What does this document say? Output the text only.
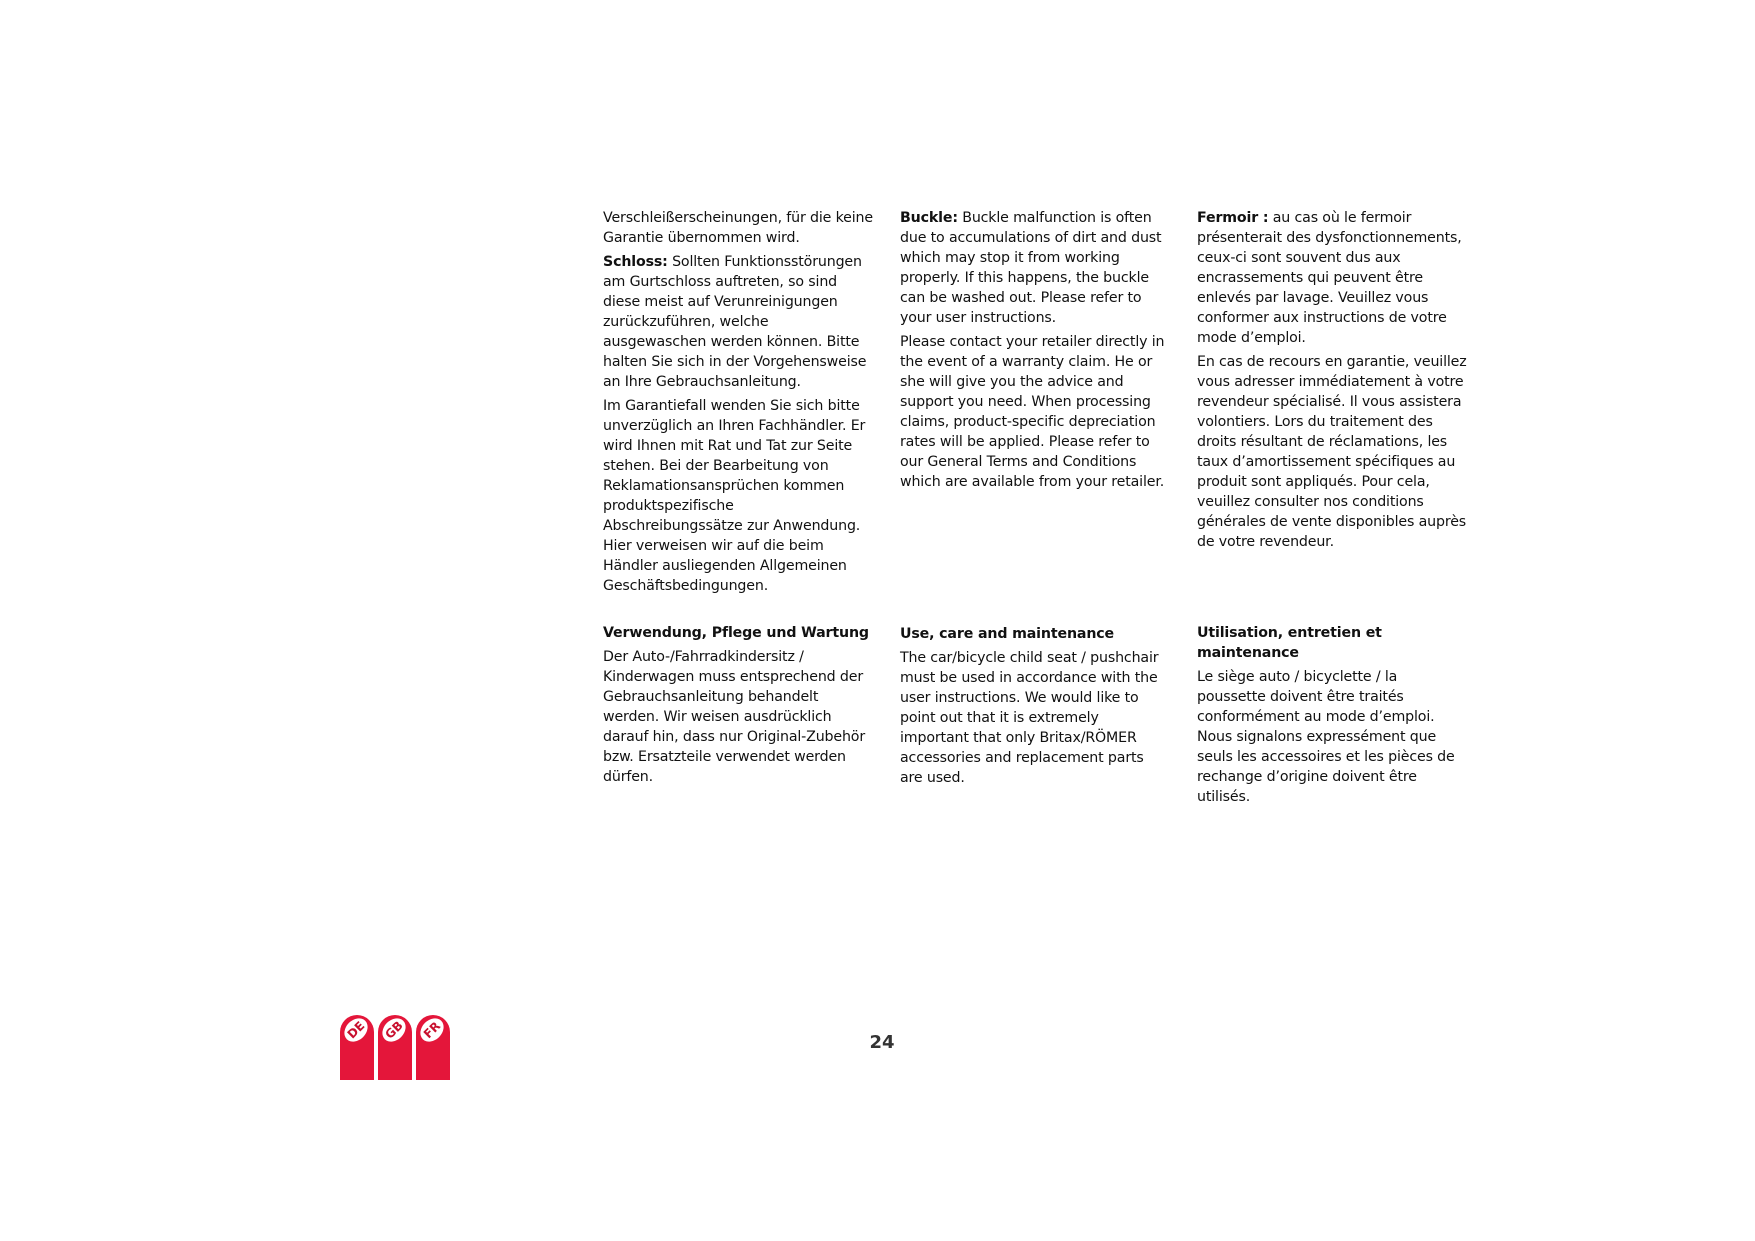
Verschleißerscheinungen, für die keine Garantie übernommen wird.

Schloss: Sollten Funktionsstörungen am Gurtschloss auftreten, so sind diese meist auf Verunreinigungen zurückzuführen, welche ausgewaschen werden können. Bitte halten Sie sich in der Vorgehensweise an Ihre Gebrauchsanleitung.

Im Garantiefall wenden Sie sich bitte unverzüglich an Ihren Fachhändler. Er wird Ihnen mit Rat und Tat zur Seite stehen. Bei der Bearbeitung von Reklamationsansprüchen kommen produktspezifische Abschreibungssätze zur Anwendung. Hier verweisen wir auf die beim Händler ausliegenden Allgemeinen Geschäftsbedingungen.

Buckle: Buckle malfunction is often due to accumulations of dirt and dust which may stop it from working properly. If this happens, the buckle can be washed out. Please refer to your user instructions.

Please contact your retailer directly in the event of a warranty claim. He or she will give you the advice and support you need. When processing claims, product-specific depreciation rates will be applied. Please refer to our General Terms and Conditions which are available from your retailer.

Fermoir : au cas où le fermoir présenterait des dysfonctionnements, ceux-ci sont souvent dus aux encrassements qui peuvent être enlevés par lavage. Veuillez vous conformer aux instructions de votre mode d’emploi.

En cas de recours en garantie, veuillez vous adresser immédiatement à votre revendeur spécialisé. Il vous assistera volontiers. Lors du traitement des droits résultant de réclamations, les taux d’amortissement spécifiques au produit sont appliqués. Pour cela, veuillez consulter nos conditions générales de vente disponibles auprès de votre revendeur.

Verwendung, Pflege und Wartung

Der Auto-/Fahrradkindersitz / Kinderwagen muss entsprechend der Gebrauchsanleitung behandelt werden. Wir weisen ausdrücklich darauf hin, dass nur Original-Zubehör bzw. Ersatzteile verwendet werden dürfen.

Use, care and maintenance

The car/bicycle child seat / pushchair must be used in accordance with the user instructions. We would like to point out that it is extremely important that only Britax/RÖMER accessories and replacement parts are used.

Utilisation, entretien et maintenance

Le siège auto / bicyclette / la poussette doivent être traités conformément au mode d’emploi. Nous signalons expressément que seuls les accessoires et les pièces de rechange d’origine doivent être utilisés.

24
DE	GB	FR
